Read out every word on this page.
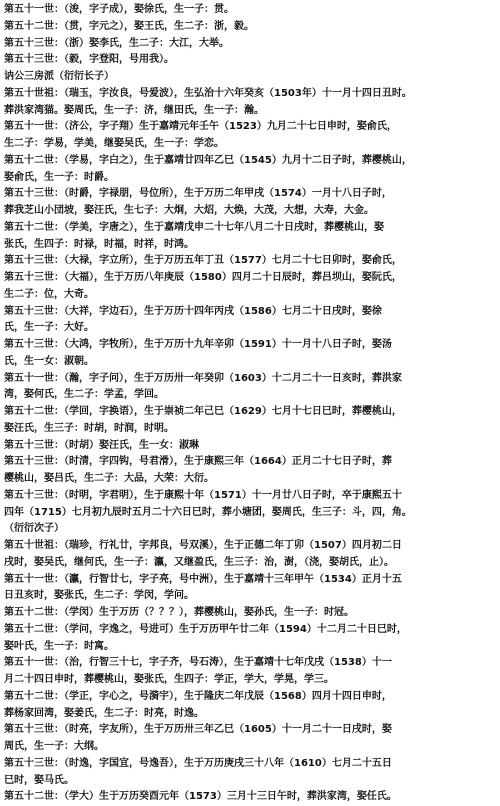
第五十一世：（浚，字子成），娶徐氏，生一子：贯。
第五十二世：（贯，字元之），娶王氏，生二子：浙，毅。
第五十三世：（浙）娶李氏，生二子：大江，大举。
第五十三世：（毅，字登阳，号用我）。
讷公三房派（衍衍长子）
第五十世祖：（瑞玉，字汝良，号爱波），生弘治十六年癸亥（1503年）十一月十四日丑时。
葬洪家湾猫。娶周氏，生一子：济，继田氏，生一子：瀚。
第五十一世：（济公，字子翔）生于嘉靖元年壬午（1523）九月二十七日申时，娶俞氏，
生二子：学易，学美，继娶吴氏，生一子：学恋。
第五十二世：（学易，字白之），生于嘉靖廿四年乙巳（1545）九月十二日子时，葬樱桃山，
娶俞氏，生一子：时爵。
第五十三世：（时爵，字禄朋，号位所），生于万历二年甲戌（1574）一月十八日子时，
葬我芝山小団坡，娶汪氏，生七子：大炯，大炤，大焕，大茂，大想，大寿，大金。
第五十二世：（学美，字唐之），生于嘉靖戊申二十七年八月二十日戌时，葬樱桃山，娶
张氏，生四子：时禄，时福，时祥，时鸿。
第五十三世：（大禄，字立所），生于万历五年丁丑（1577）七月二十七日卯时，娶俞氏，
第五十三世：（大福），生于万历八年庚辰（1580）四月二十日辰时，葬吕坝山，娶阮氏，
生二子：位，大奇。
第五十三世：（大祥，字边石），生于万历十四年丙戌（1586）七月二十日戌时，娶徐
氏，生一子：大好。
第五十三世：（大鸿，字牧所），生于万历十九年辛卯（1591）十一月十八日子时，娶汤
氏，生一女：淑朝。
第五十一世：（瀚，字子问），生于万历卅一年癸卯（1603）十二月二十一日亥时，葬洪家
湾，娶何氏，生二子：学孟，学回。
第五十二世：（学回，字换语），生于崇祯二年己巳（1629）七月十七日巳时，葬樱桃山，
娶汪氏，生三子：时胡，时润，时明。
第五十三世：（时胡）娶汪氏，生一女：淑琳
第五十三世：（时清，字四钩，号君滑），生于康熙三年（1664）正月二十七日子时，葬
樱桃山，娶吕氏，生二子：大品，大荣：大衍。
第五十三世：（时明，字君明），生于康熙十年（1571）十一月廿八日子时，卒于康熙五十
四年（1715）七月初九辰时五月二十六日巳时，葬小塘团，娶周氏，生三子：斗，四，角。
（衍衍次子）
第五十世祖：（瑞珍，行礼廿，字邦良，号双溪），生于正德二年丁卯（1507）四月初二日
戌时，娶吴氏，继何氏，生一子：瀛，又继盈氏，生三子：治，澍，（浇，娶胡氏，止）。
第五十一世：（瀛，行智廿七，字子亮，号中洲），生于嘉靖十三年甲午（1534）正月十五
日丑亥时，娶张氏，生二子：学闵，学问。
第五十二世：（学闵）生于万历（？？？），葬樱桃山，娶孙氏，生一子：时冠。
第五十二世：（学问，字逸之，号进可）生于万历甲午廿二年（1594）十二月二十日巳时，
娶叶氏，生一子：时寓。
第五十一世：（治，行智三十七，字子齐，号石涛），生于嘉靖十七年戊戌（1538）十一
月二十四日申时，葬樱桃山，娶张氏，生四子：学正，学大，学晃，学三。
第五十二世：（学正，字心之，号漪宇），生于隆庆二年戊辰（1568）四月十四日申时，
葬杨家回湾，娶姜氏，生二子：时亮，时逸。
第五十三世：（时亮，字友所），生于万历卅三年乙巳（1605）十一月二十一日戌时，娶
周氏，生一子：大纲。
第五十三世：（时逸，字国宜，号逸吾），生于万历庚戌三十八年（1610）七月二十五日
巳时，娶马氏。
第五十二世：（学大）生于万历癸酉元年（1573）三月十三日午时，葬洪家湾，娶任氏。
